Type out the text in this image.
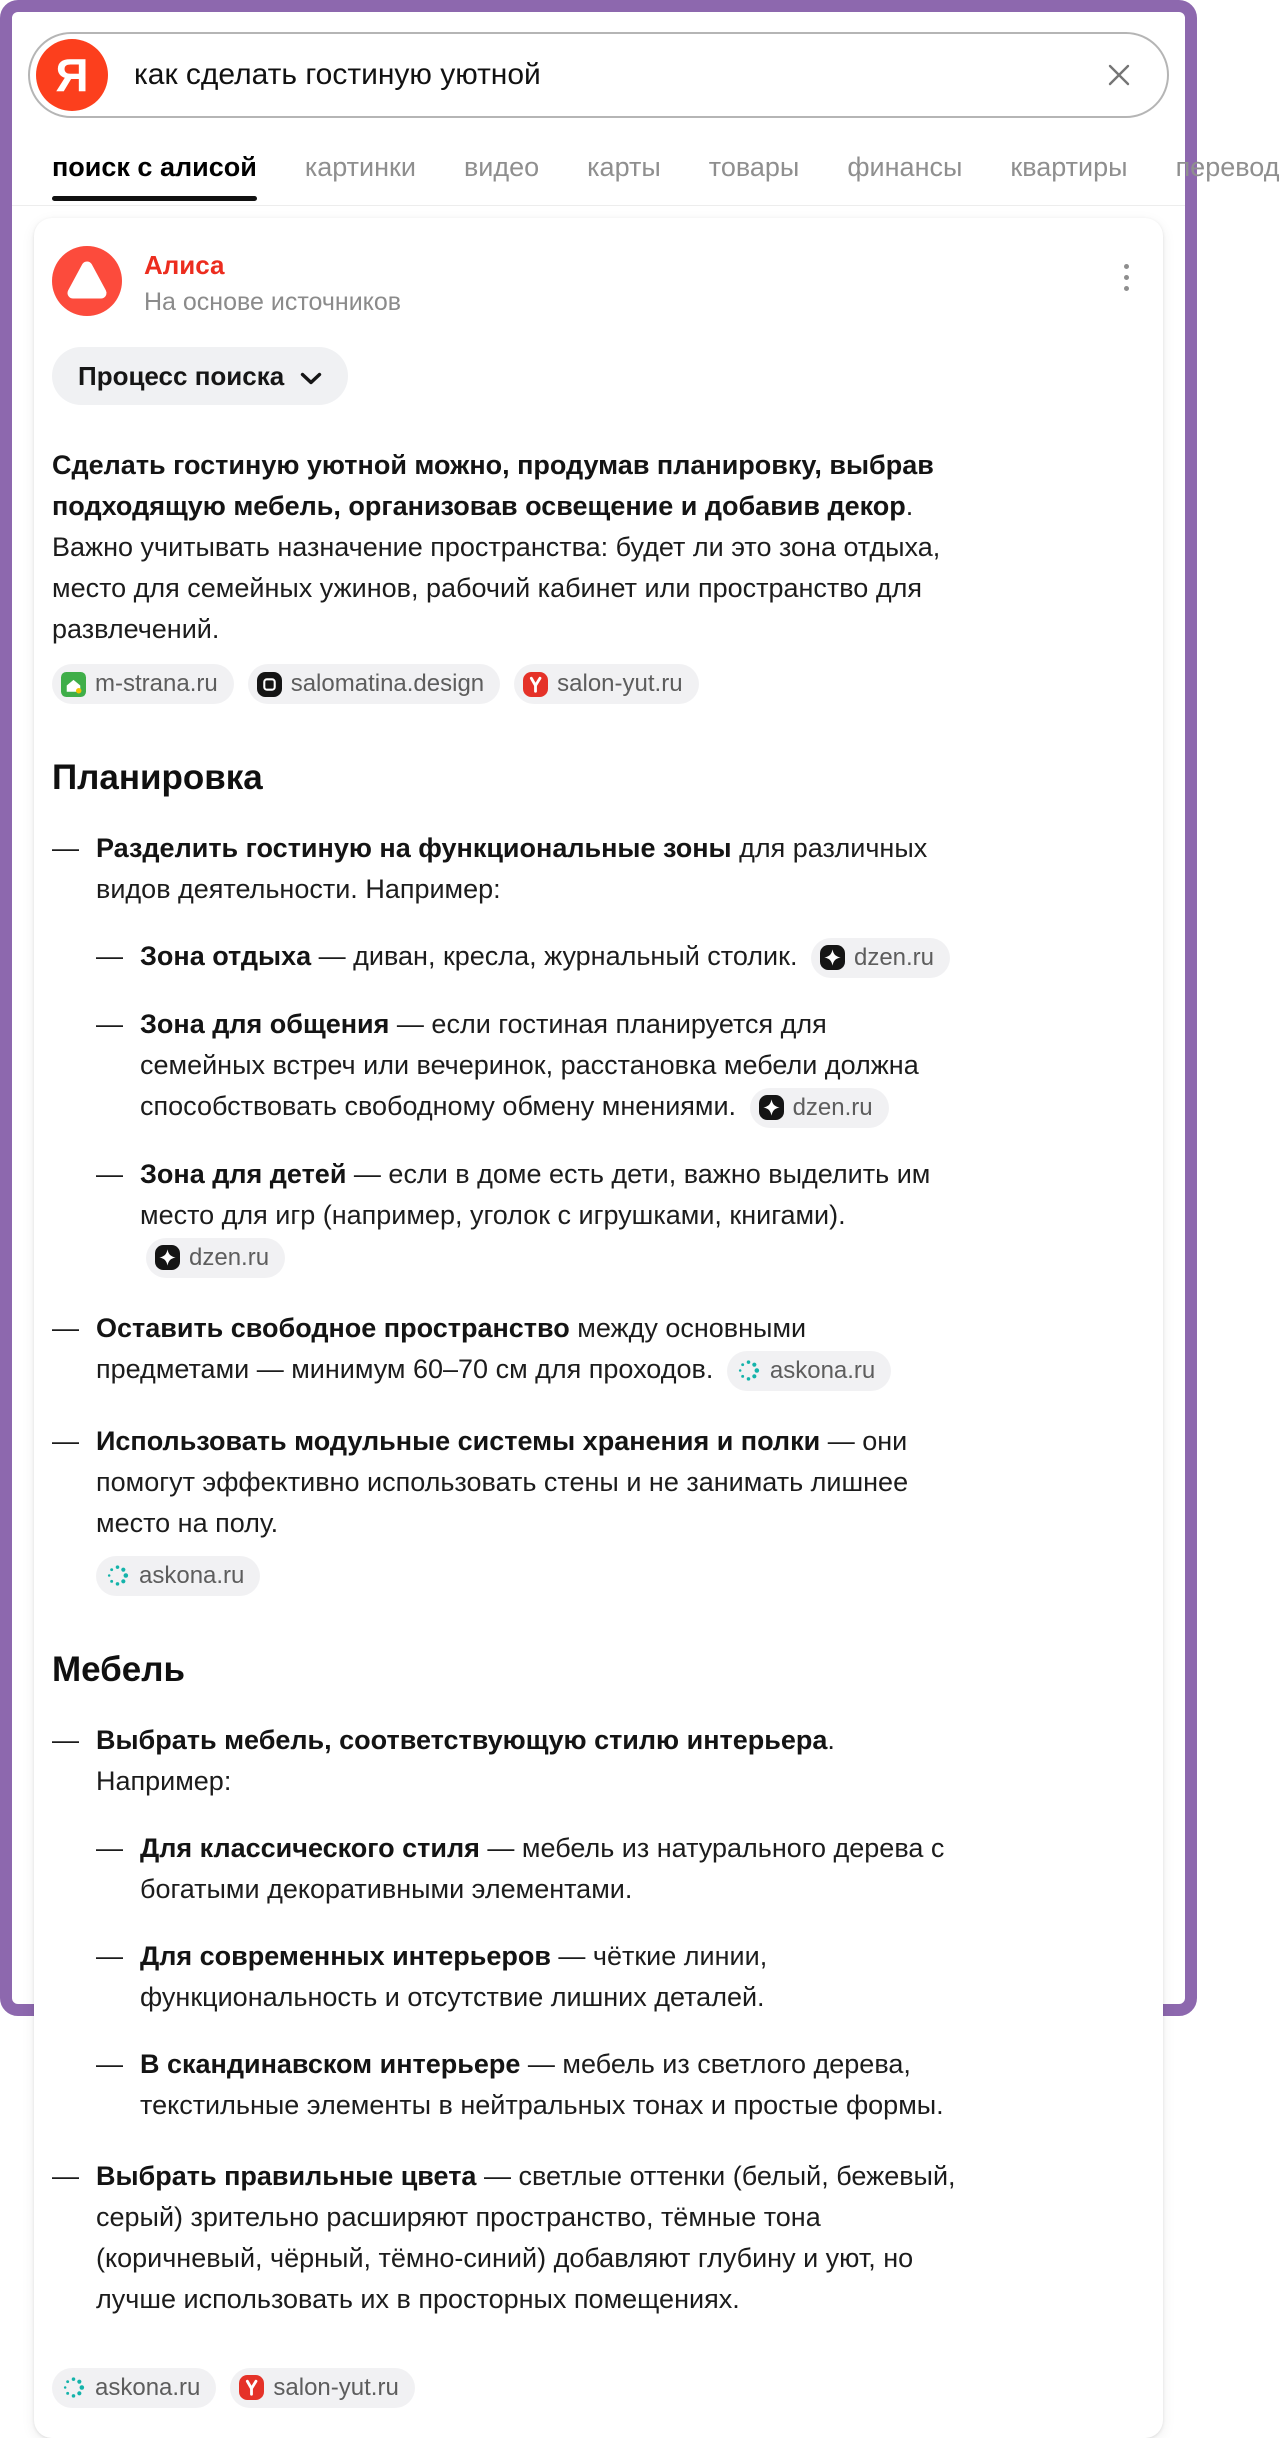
Я	как сделать гостиную уютной
поиск с алисой картинки видео карты товары финансы квартиры перевод
Алиса
На основе источников
Процесс поиска
Сделать гостиную уютной можно, продумав планировку, выбрав подходящую мебель, организовав освещение и добавив декор. Важно учитывать назначение пространства: будет ли это зона отдыха, место для семейных ужинов, рабочий кабинет или пространство для развлечений.
m-strana.ru	salomatina.design	salon-yut.ru
Планировка
— Разделить гостиную на функциональные зоны для различных видов деятельности. Например:
— Зона отдыха — диван, кресла, журнальный столик. dzen.ru
— Зона для общения — если гостиная планируется для семейных встреч или вечеринок, расстановка мебели должна способствовать свободному обмену мнениями. dzen.ru
— Зона для детей — если в доме есть дети, важно выделить им место для игр (например, уголок с игрушками, книгами).
dzen.ru
— Оставить свободное пространство между основными предметами — минимум 60–70 см для проходов. askona.ru
— Использовать модульные системы хранения и полки — они помогут эффективно использовать стены и не занимать лишнее место на полу.
askona.ru
Мебель
— Выбрать мебель, соответствующую стилю интерьера. Например:
— Для классического стиля — мебель из натурального дерева с богатыми декоративными элементами.
— Для современных интерьеров — чёткие линии, функциональность и отсутствие лишних деталей.
— В скандинавском интерьере — мебель из светлого дерева, текстильные элементы в нейтральных тонах и простые формы.
— Выбрать правильные цвета — светлые оттенки (белый, бежевый, серый) зрительно расширяют пространство, тёмные тона (коричневый, чёрный, тёмно-синий) добавляют глубину и уют, но лучше использовать их в просторных помещениях.
askona.ru	salon-yut.ru
